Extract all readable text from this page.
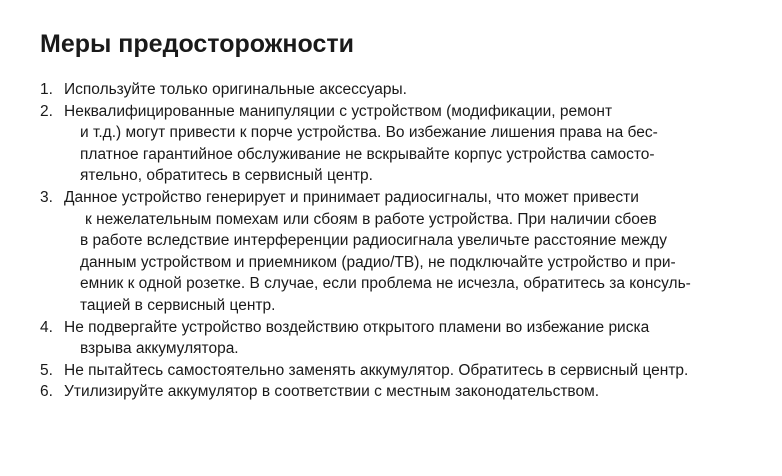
Меры предосторожности
1. Используйте только оригинальные аксессуары.
2. Неквалифицированные манипуляции с устройством (модификации, ремонт
и т.д.) могут привести к порче устройства. Во избежание лишения права на бес-
платное гарантийное обслуживание не вскрывайте корпус устройства самосто-
ятельно, обратитесь в сервисный центр.
3. Данное устройство генерирует и принимает радиосигналы, что может привести
к нежелательным помехам или сбоям в работе устройства. При наличии сбоев
в работе вследствие интерференции радиосигнала увеличьте расстояние между
данным устройством и приемником (радио/ТВ), не подключайте устройство и при-
емник к одной розетке. В случае, если проблема не исчезла, обратитесь за консуль-
тацией в сервисный центр.
4. Не подвергайте устройство воздействию открытого пламени во избежание риска
взрыва аккумулятора.
5. Не пытайтесь самостоятельно заменять аккумулятор. Обратитесь в сервисный центр.
6. Утилизируйте аккумулятор в соответствии с местным законодательством.
